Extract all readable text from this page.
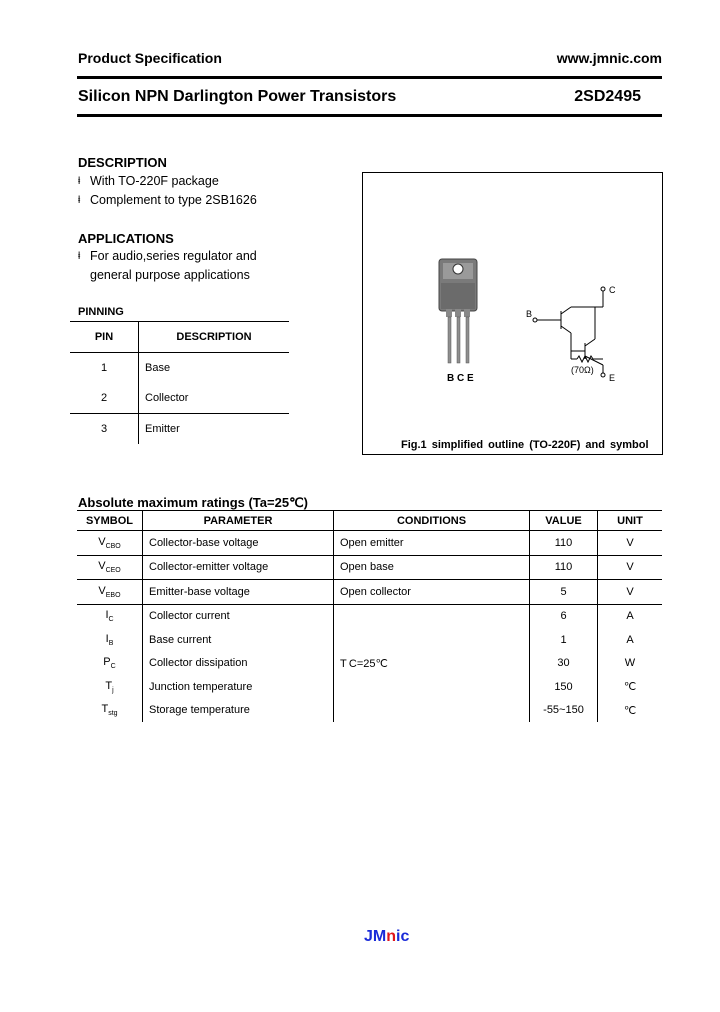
Product Specification	www.jmnic.com
Silicon NPN Darlington Power Transistors	2SD2495
DESCRIPTION
ⱡ With TO-220F package
ⱡ Complement to type 2SB1626
APPLICATIONS
ⱡ For audio,series regulator and
general purpose applications
PINNING
PIN	DESCRIPTION
1	Base
2	Collector
3	Emitter
B C E
B
C
E
(70Ω)
Fig.1 simplified outline (TO-220F) and symbol
Absolute maximum ratings (Ta=25℃)
SYMBOL	PARAMETER	CONDITIONS	VALUE	UNIT
$V_{CBO}$	Collector-base voltage	Open emitter	110	V
$V_{CEO}$	Collector-emitter voltage	Open base	110	V
$V_{EBO}$	Emitter-base voltage	Open collector	5	V
$I_C$	Collector current		6	A
$I_B$	Base current		1	A
$P_C$	Collector dissipation	T C=25℃	30	W
$T_j$	Junction temperature		150	℃
$T_{stg}$	Storage temperature		-55~150	℃
JMnic
